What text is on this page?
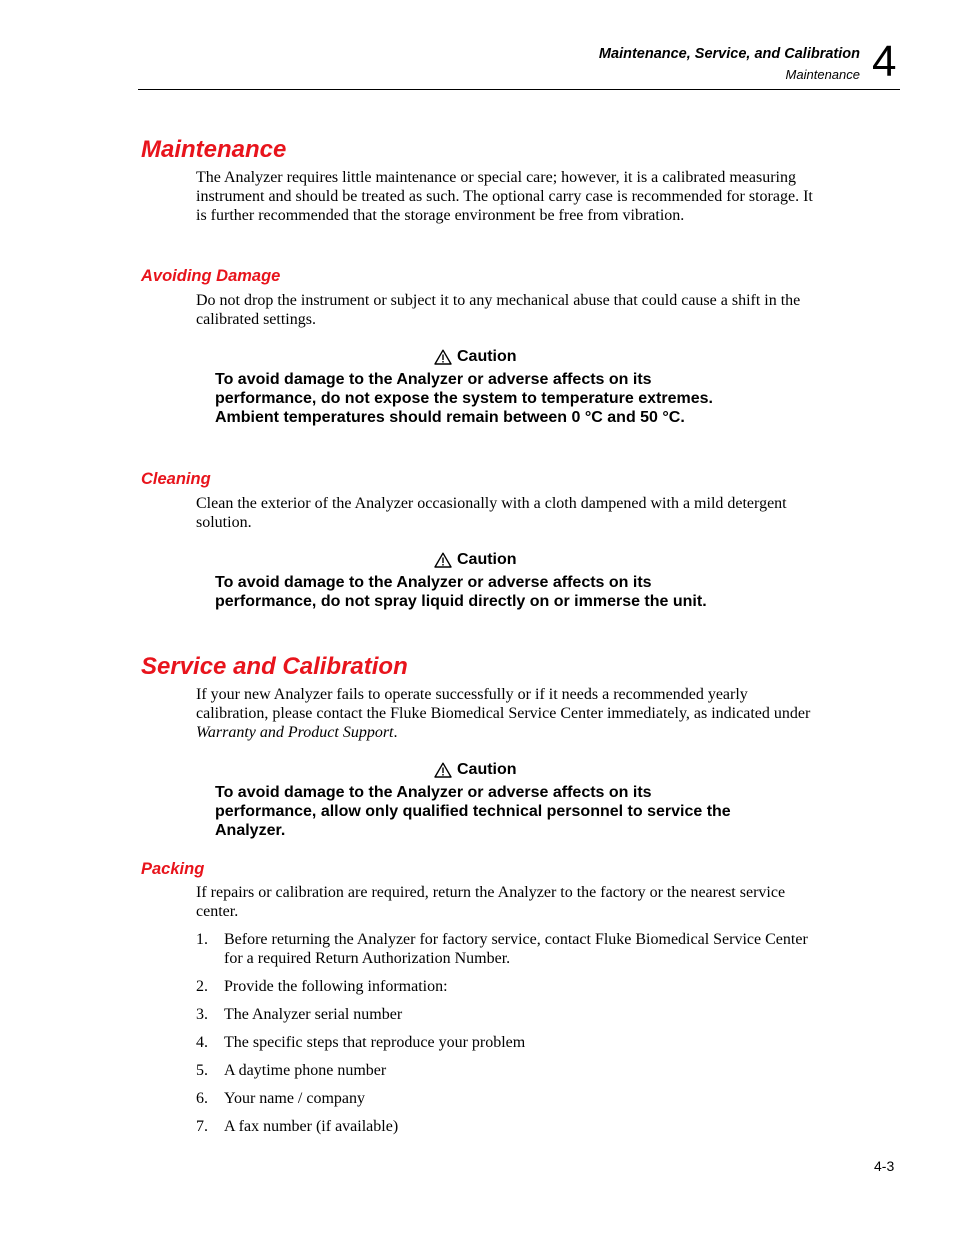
Maintenance, Service, and Calibration
Maintenance 4
Maintenance
The Analyzer requires little maintenance or special care; however, it is a calibrated measuring instrument and should be treated as such. The optional carry case is recommended for storage. It is further recommended that the storage environment be free from vibration.
Avoiding Damage
Do not drop the instrument or subject it to any mechanical abuse that could cause a shift in the calibrated settings.
Caution
To avoid damage to the Analyzer or adverse affects on its performance, do not expose the system to temperature extremes. Ambient temperatures should remain between 0 °C and 50 °C.
Cleaning
Clean the exterior of the Analyzer occasionally with a cloth dampened with a mild detergent solution.
Caution
To avoid damage to the Analyzer or adverse affects on its performance, do not spray liquid directly on or immerse the unit.
Service and Calibration
If your new Analyzer fails to operate successfully or if it needs a recommended yearly calibration, please contact the Fluke Biomedical Service Center immediately, as indicated under Warranty and Product Support.
Caution
To avoid damage to the Analyzer or adverse affects on its performance, allow only qualified technical personnel to service the Analyzer.
Packing
If repairs or calibration are required, return the Analyzer to the factory or the nearest service center.
1. Before returning the Analyzer for factory service, contact Fluke Biomedical Service Center for a required Return Authorization Number.
2. Provide the following information:
3. The Analyzer serial number
4. The specific steps that reproduce your problem
5. A daytime phone number
6. Your name / company
7. A fax number (if available)
4-3
